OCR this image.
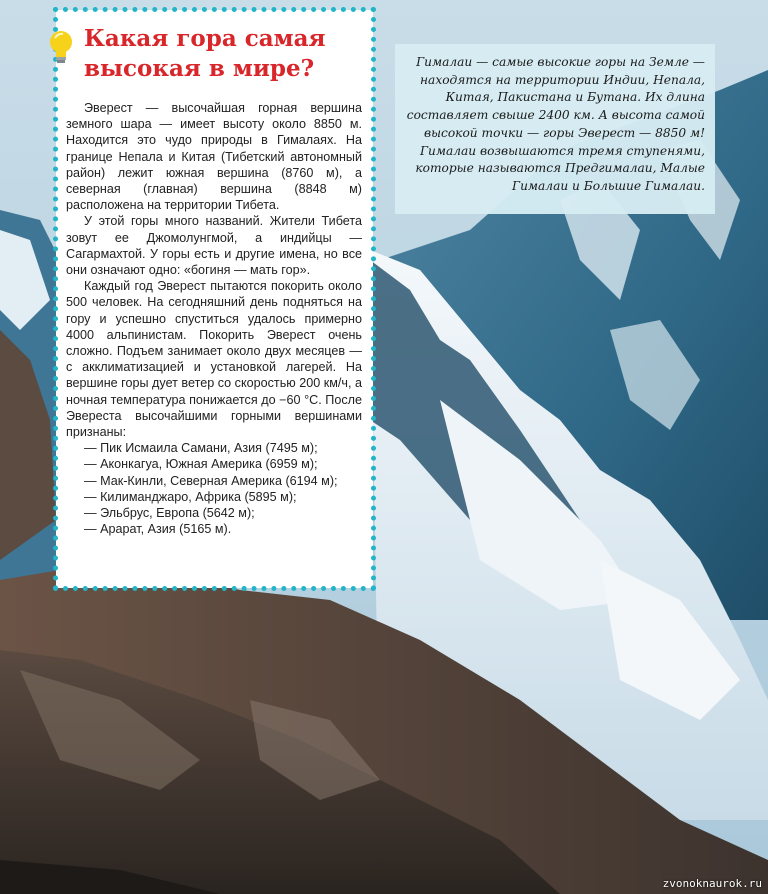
Какая гора самая высокая в мире?

Эверест — высочайшая горная вершина земного шара — имеет высоту около 8850 м. Находится это чудо природы в Гималаях. На границе Непала и Китая (Тибетский автономный район) лежит южная вершина (8760 м), а северная (главная) вершина (8848 м) расположена на территории Тибета.

У этой горы много названий. Жители Тибета зовут ее Джомолунгмой, а индийцы — Сагармахтой. У горы есть и другие имена, но все они означают одно: «богиня — мать гор».

Каждый год Эверест пытаются покорить около 500 человек. На сегодняшний день подняться на гору и успешно спуститься удалось примерно 4000 альпинистам. Покорить Эверест очень сложно. Подъем занимает около двух месяцев — с акклиматизацией и установкой лагерей. На вершине горы дует ветер со скоростью 200 км/ч, а ночная температура понижается до −60 °С. После Эвереста высочайшими горными вершинами признаны:

— Пик Исмаила Самани, Азия (7495 м);
— Аконкагуа, Южная Америка (6959 м);
— Мак-Кинли, Северная Америка (6194 м);
— Килиманджаро, Африка (5895 м);
— Эльбрус, Европа (5642 м);
— Арарат, Азия (5165 м).

Гималаи — самые высокие горы на Земле — находятся на территории Индии, Непала, Китая, Пакистана и Бутана. Их длина составляет свыше 2400 км. А высота самой высокой точки — горы Эверест — 8850 м! Гималаи возвышаются тремя ступенями, которые называются Предгималаи, Малые Гималаи и Большие Гималаи.

zvonoknaurok.ru
